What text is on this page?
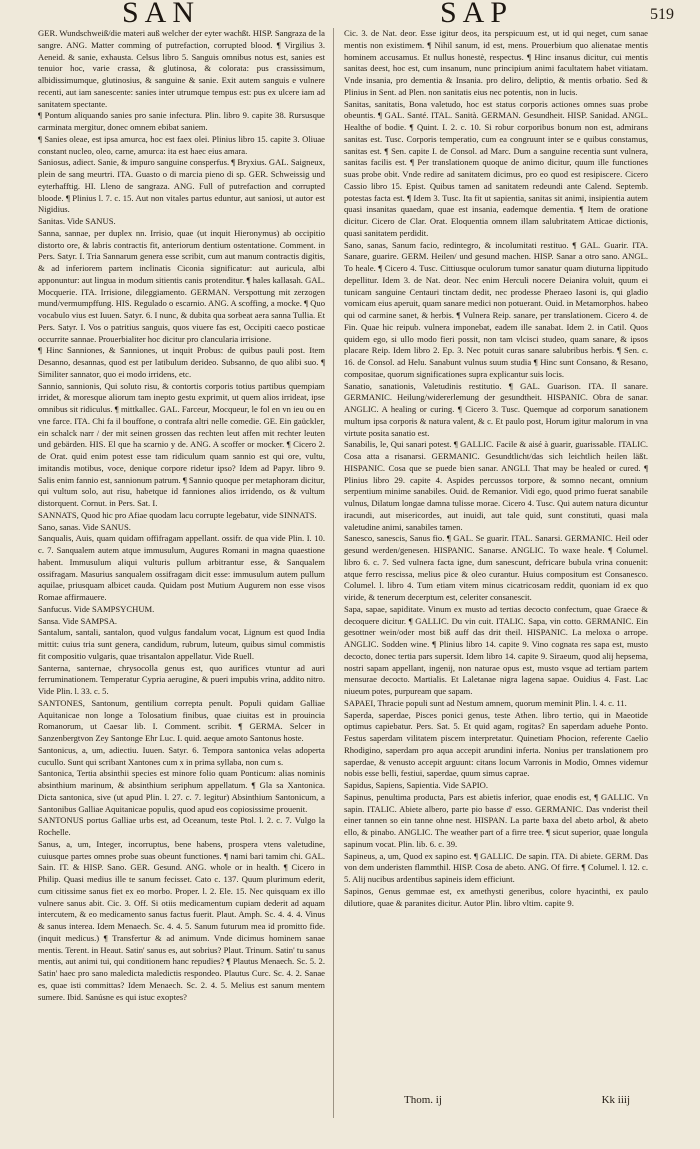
SAN	SAP	519

GER. Wundschweiß/die materi auß welcher der eyter wachßt. HISP. Sangraza de la sangre. ANG. Matter comming of putrefaction, corrupted blood. ¶ Virgilius 3. Aeneid. & sanie, exhausta. Celsus libro 5. Sanguis omnibus notus est, sanies est tenuior hoc, varie crassa, & glutinosa, & colorata: pus crassissimum, albidissimumque, glutinosius, & sanguine & sanie. Exit autem sanguis e vulnere recenti, aut iam sanescente: sanies inter utrumque tempus est: pus ex ulcere iam ad sanitatem spectante.

¶ Pontum aliquando sanies pro sanie infectura. Plin. libro 9. capite 38. Rursusque carminata mergitur, donec omnem ebibat saniem.

¶ Sanies oleae, est ipsa amurca, hoc est faex olei. Plinius libro 15. capite 3. Oliuae constant nucleo, oleo, carne, amurca: ita est haec eius amara.

Saniosus, adiect. Sanie, & impuro sanguine consperfus. ¶ Bryxius. GAL. Saigneux, plein de sang meurtri. ITA. Guasto o di marcia pieno di sp. GER. Schweissig und eyterhafftig. HI. Lleno de sangraza. ANG. Full of putrefaction and corrupted bloode. ¶ Plinius l. 7. c. 15. Aut non vitales partus eduntur, aut saniosi, ut autor est Nigidius.

Sanitas. Vide SANUS.

Sanna, sannae, per duplex nn. Irrisio, quae (ut inquit Hieronymus) ab occipitio distorto ore, & labris contractis fit, anteriorum dentium ostentatione. Comment. in Pers. Satyr. I. Tria Sannarum genera esse scribit, cum aut manum contractis digitis, & ad inferiorem partem inclinatis Ciconia significatur: aut auricula, albi apponuntur: aut lingua in modum sitientis canis protenditur. ¶ hales kallasah. GAL. Mocquerie. ITA. Irrisione, dileggiamento. GERMAN. Verspottung mit zerzogen mund/vermumpffung. HIS. Regulado o escarnio. ANG. A scoffing, a mocke. ¶ Quo vocabulo vius est Iuuen. Satyr. 6. I nunc, & dubita qua sorbeat aera sanna Tullia. Et Pers. Satyr. I. Vos o patritius sanguis, quos viuere fas est, Occipiti caeco posticae occurrite sannae. Prouerbialiter hoc dicitur pro clancularia irrisione.

¶ Hinc Sanniones, & Sanniones, ut inquit Probus: de quibus pauli post. Item Desanno, desannas, quod est per latibulum derideo. Subsanno, de quo alibi suo. ¶ Similiter sannator, quo ei modo irridens, etc.

Sannio, sannionis, Qui soluto risu, & contortis corporis totius partibus quempiam irridet, & moresque aliorum tam inepto gestu exprimit, ut quem alios irrideat, ipse omnibus sit ridiculus. ¶ mittkallec. GAL. Farceur, Mocqueur, le fol en vn ieu ou en vne farce. ITA. Chi fa il bouffone, o contrafa altri nelle comedie. GE. Ein gaückler, ein schalck narr / der mit seinen grossen das rechten leut affen mit rechter leuten und gebärden. HIS. El que ha scarnio y de. ANG. A scoffer or mocker. ¶ Cicero 2. de Orat. quid enim potest esse tam ridiculum quam sannio est qui ore, vultu, imitandis motibus, voce, denique corpore ridetur ipso? Idem ad Papyr. libro 9. Salis enim fannio est, sannionum patrum. ¶ Sannio quoque per metaphoram dicitur, qui vultum solo, aut risu, habetque id fanniones alios irridendo, os & vultum distorquent. Cornut. in Pers. Sat. I.

SANNATS, Quod hic pro Afiae quodam lacu corrupte legebatur, vide SINNATS.

Sano, sanas. Vide SANUS.

Sanqualis, Auis, quam quidam offifragam appellant. ossifr. de qua vide Plin. I. 10. c. 7. Sanqualem autem atque immusulum, Augures Romani in magna quaestione habent. Immusulum aliqui vulturis pullum arbitrantur esse, & Sanqualem ossifragam. Masurius sanqualem ossifragam dicit esse: immusulum autem pullum aquilae, priusquam albicet cauda. Quidam post Mutium Augurem non esse visos Romae affirmauere.

Sanfucus. Vide SAMPSYCHUM.

Sansa. Vide SAMPSA.

Santalum, santali, santalon, quod vulgus fandalum vocat, Lignum est quod India mittit: cuius tria sunt genera, candidum, rubrum, luteum, quibus simul commistis fit compositio vulgaris, quae trisantalon appellatur. Vide Ruell.

Santerna, santernae, chrysocolla genus est, quo aurifices vtuntur ad auri ferruminationem. Temperatur Cypria aerugine, & pueri impubis vrina, addito nitro. Vide Plin. l. 33. c. 5.

SANTONES, Santonum, gentilium correpta penult. Populi quidam Galliae Aquitanicae non longe a Tolosatium finibus, quae ciuitas est in prouincia Romanorum, ut Caesar lib. I. Comment. scribit. ¶ GERMA. Selcer in Sanzenbergtvon Zey Santonge Ehr Luc. I. quid. aeque amoto Santonus hoste.

Santonicus, a, um, adiectiu. Iuuen. Satyr. 6. Tempora santonica velas adoperta cucullo. Sunt qui scribant Xantones cum x in prima syllaba, non cum s.

Santonica, Tertia absinthii species est minore folio quam Ponticum: alias nominis absinthium marinum, & absinthium seriphum appellatum. ¶ Gla sa Xantonica. Dicta santonica, sive (ut apud Plin. l. 27. c. 7. legitur) Absinthium Santonicum, a Santonibus Galliae Aquitanicae populis, quod apud eos copiosissime prouenit.

SANTONUS portus Galliae urbs est, ad Oceanum, teste Ptol. l. 2. c. 7. Vulgo la Rochelle.

Sanus, a, um, Integer, incorruptus, bene habens, prospera vtens valetudine, cuiusque partes omnes probe suas obeunt functiones. ¶ nami bari tamim chi. GAL. Sain. IT. & HISP. Sano. GER. Gesund. ANG. whole or in health. ¶ Cicero in Philip. Quasi medius ille te sanum fecisset. Cato c. 137. Quum plurimum ederit, cum citissime sanus fiet ex eo morbo. Proper. l. 2. Ele. 15. Nec quisquam ex illo vulnere sanus abit. Cic. 3. Off. Si otiis medicamentum cupiam dederit ad aquam intercutem, & eo medicamento sanus factus fuerit. Plaut. Amph. Sc. 4. 4. 4. Vinus & sanus interea. Idem Menaech. Sc. 4. 4. 5. Sanum futurum mea id promitto fide. (inquit medicus.) ¶ Transfertur & ad animum. Vnde dicimus hominem sanae mentis. Terent. in Heaut. Satin' sanus es, aut sobrius? Plaut. Trinum. Satin' tu sanus mentis, aut animi tui, qui conditionem hanc repudies? ¶ Plautus Menaech. Sc. 5. 2. Satin' haec pro sano maledicta maledictis respondeo. Plautus Curc. Sc. 4. 2. Sanae es, quae isti committas? Idem Menaech. Sc. 2. 4. 5. Melius est sanum mentem sumere. Ibid. Sanúsne es qui istuc exoptes?

Cic. 3. de Nat. deor. Esse igitur deos, ita perspicuum est, ut id qui neget, cum sanae mentis non existimem. ¶ Nihil sanum, id est, mens. Prouerbium quo alienatae mentis hominem accusamus. Et nullus honestè, respectus. ¶ Hinc insanus dicitur, cui mentis sanitas deest, hoc est, cum insanum, nunc principium animi facultatem habet vitiatam. Vnde insania, pro dementia & Insania. pro deliro, deliptio, & mentis orbatio. Sed & Plinius in Sent. ad Plen. non sanitatis eius nec potentis, non in lucis.

Sanitas, sanitatis, Bona valetudo, hoc est status corporis actiones omnes suas probe obeuntis. ¶ GAL. Santé. ITAL. Sanità. GERMAN. Gesundheit. HISP. Sanidad. ANGL. Healthe of bodie. ¶ Quint. I. 2. c. 10. Si robur corporibus bonum non est, admirans sanitas est. Tusc. Corporis temperatio, cum ea congruunt inter se e quibus constamus, sanitas est. ¶ Sen. capite I. de Consol. ad Marc. Dum a sanguine recentia sunt vulnera, sanitas facilis est. ¶ Per translationem quoque de animo dicitur, quum ille functiones suas probe obit. Vnde redire ad sanitatem dicimus, pro eo quod est resipiscere. Cicero Cassio libro 15. Epist. Quibus tamen ad sanitatem redeundi ante Calend. Septemb. potestas facta est. ¶ Idem 3. Tusc. Ita fit ut sapientia, sanitas sit animi, insipientia autem quasi insanitas quaedam, quae est insania, eademque dementia. ¶ Item de oratione dicitur. Cicero de Clar. Orat. Eloquentia omnem illam salubritatem Atticae dictionis, quasi sanitatem perdidit.

Sano, sanas, Sanum facio, redintegro, & incolumitati restituo. ¶ GAL. Guarir. ITA. Sanare, guarire. GERM. Heilen/ und gesund machen. HISP. Sanar a otro sano. ANGL. To heale. ¶ Cicero 4. Tusc. Cittiusque oculorum tumor sanatur quam diuturna lippitudo depellitur. Idem 3. de Nat. deor. Nec enim Herculi nocere Deianira voluit, quum ei tunicam sanguine Centauri tinctam dedit, nec prodesse Pheraeo Iasoni is, qui gladio vomicam eius aperuit, quam sanare medici non potuerant. Ouid. in Metamorphos. habeo qui od carmine sanet, & herbis. ¶ Vulnera Reip. sanare, per translationem. Cicero 4. de Fin. Quae hic reipub. vulnera imponebat, eadem ille sanabat. Idem 2. in Catil. Quos quidem ego, si ullo modo fieri possit, non tam vlcisci studeo, quam sanare, & ipsos placare Reip. Idem libro 2. Ep. 3. Nec potuit curas sanare salubribus herbis. ¶ Sen. c. 16. de Consol. ad Helu. Sanabunt vulnus suum studia ¶ Hinc sunt Consano, & Resano, compositae, quorum significationes supra explicantur suis locis.

Sanatio, sanationis, Valetudinis restitutio. ¶ GAL. Guarison. ITA. Il sanare. GERMANIC. Heilung/widererlemung der gesundtheit. HISPANIC. Obra de sanar. ANGLIC. A healing or curing. ¶ Cicero 3. Tusc. Quemque ad corporum sanationem multum ipsa corporis & natura valent, & c. Et paulo post, Horum igitur malorum in vna virtute posita sanatio est.

Sanabilis, le, Qui sanari potest. ¶ GALLIC. Facile & aisé à guarir, guarissable. ITALIC. Cosa atta a risanarsi. GERMANIC. Gesundtlicht/das sich leichtlich heilen läßt. HISPANIC. Cosa que se puede bien sanar. ANGLI. That may be healed or cured. ¶ Plinius libro 29. capite 4. Aspides percussos torpore, & somno necant, omnium serpentium minime sanabiles. Ouid. de Remanior. Vidi ego, quod primo fuerat sanabile vulnus, Dilatum longae damna tulisse morae. Cicero 4. Tusc. Qui autem natura dicuntur iracundi, aut misericordes, aut inuidi, aut tale quid, sunt constituti, quasi mala valetudine animi, sanabiles tamen.

Sanesco, sanescis, Sanus fio. ¶ GAL. Se guarir. ITAL. Sanarsi. GERMANIC. Heil oder gesund werden/genesen. HISPANIC. Sanarse. ANGLIC. To waxe heale. ¶ Columel. libro 6. c. 7. Sed vulnera facta igne, dum sanescunt, defricare bubula vrina conuenit: atque ferro rescissa, melius pice & oleo curantur. Huius compositum est Consanesco. Columel. l. libro 4. Tum etiam vitem minus cicatricosam reddit, quoniam id ex quo viride, & tenerum decerptum est, celeriter consanescit.

Sapa, sapae, sapiditate. Vinum ex musto ad tertias decocto confectum, quae Graece & decoquere dicitur. ¶ GALLIC. Du vin cuit. ITALIC. Sapa, vin cotto. GERMANIC. Ein gesottner wein/oder most biß auff das drit theil. HISPANIC. La meloxa o arrope. ANGLIC. Sodden wine. ¶ Plinius libro 14. capite 9. Vino cognata res sapa est, musto decocto, donec tertia pars supersit. Idem libro 14. capite 9. Siraeum, quod alij hepsema, nostri sapam appellant, ingenij, non naturae opus est, musto vsque ad tertiam partem mensurae decocto. Martialis. Et Laletanae nigra lagena sapae. Ouidius 4. Fast. Lac niueum potes, purpuream que sapam.

SAPAEI, Thracie populi sunt ad Nestum amnem, quorum meminit Plin. l. 4. c. 11.

Saperda, saperdae, Pisces ponici genus, teste Athen. libro tertio, qui in Maeotide optimus capiebatur. Pers. Sat. 5. Et quid agam, rogitas? En saperdam aduehe Ponto. Festus saperdam vilitatem piscem interpretatur. Quinetiam Phocion, referente Caelio Rhodigino, saperdam pro aqua accepit arundini inferta. Nonius per translationem pro saperdae, & venusto accepit arguunt: citans locum Varronis in Modio, Omnes videmur nobis esse belli, festiui, saperdae, quum simus caprae.

Sapidus, Sapiens, Sapientia. Vide SAPIO.

Sapinus, penultima producta, Pars est abietis inferior, quae enodis est, ¶ GALLIC. Vn sapin. ITALIC. Abiete albero, parte pio basse d' esso. GERMANIC. Das vnderist theil einer tannen so ein tanne ohne nest. HISPAN. La parte baxa del abeto arbol, & abeto ello, & pinabo. ANGLIC. The weather part of a firre tree. ¶ sicut superior, quae longula sapinum vocat. Plin. lib. 6. c. 39.

Sapineus, a, um, Quod ex sapino est. ¶ GALLIC. De sapin. ITA. Di abiete. GERM. Das von dem underisten flammthil. HISP. Cosa de abeto. ANG. Of firre. ¶ Columel. l. 12. c. 5. Alij nucibus ardentibus sapineis idem efficiunt.

Sapinos, Genus gemmae est, ex amethysti generibus, colore hyacinthi, ex paulo dilutiore, quae & paranites dicitur. Autor Plin. libro vltim. capite 9.

Thom. ij	Kk iiij
